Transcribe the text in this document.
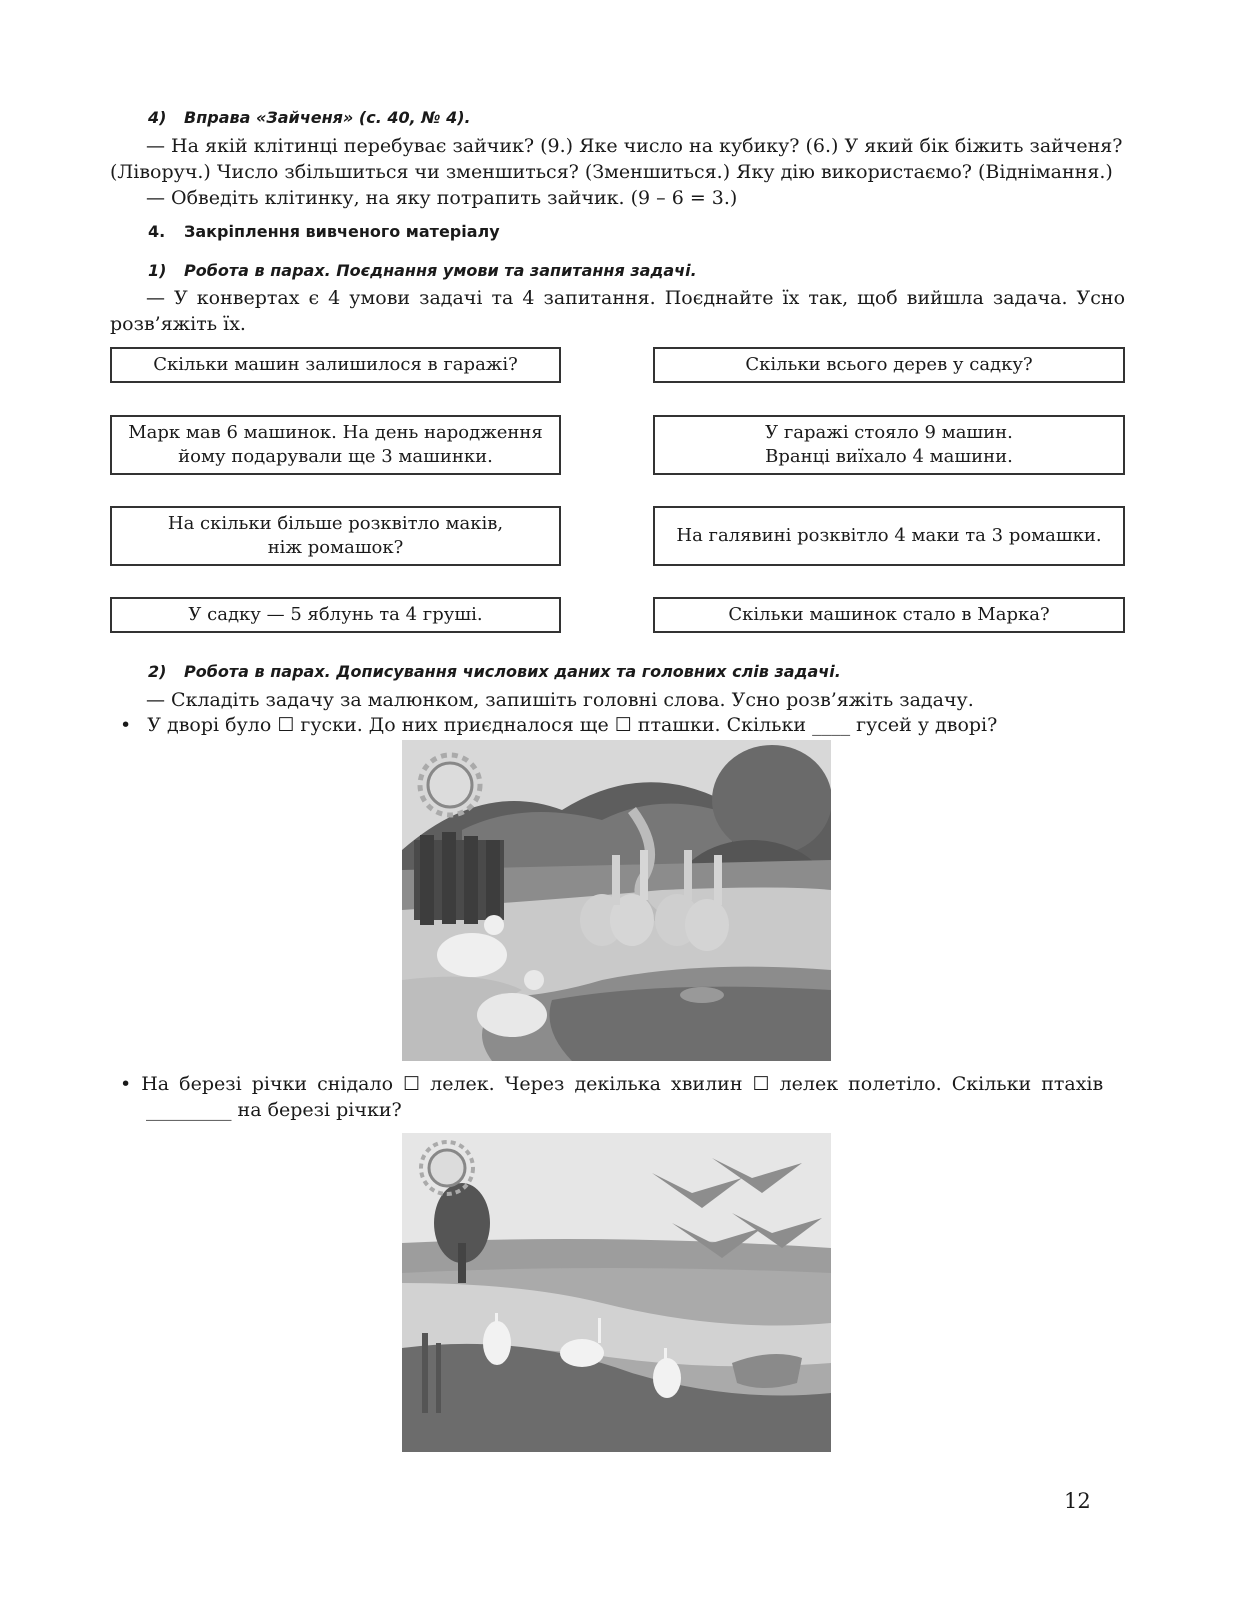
4) Вправа «Зайченя» (с. 40, № 4).
— На якій клітинці перебуває зайчик? (9.) Яке число на кубику? (6.) У який бік біжить зайченя?
(Ліворуч.) Число збільшиться чи зменшиться? (Зменшиться.) Яку дію використаємо? (Віднімання.)
— Обведіть клітинку, на яку потрапить зайчик. (9 – 6 = 3.)
4. Закріплення вивченого матеріалу
1) Робота в парах. Поєднання умови та запитання задачі.
— У конвертах є 4 умови задачі та 4 запитання. Поєднайте їх так, щоб вийшла задача. Усно
розв’яжіть їх.
Скільки машин залишилося в гаражі?
Марк мав 6 машинок. На день народження
йому подарували ще 3 машинки.
На скільки більше розквітло маків,
ніж ромашок?
У садку — 5 яблунь та 4 груші.
Скільки всього дерев у садку?
У гаражі стояло 9 машин.
Вранці виїхало 4 машини.
На галявині розквітло 4 маки та 3 ромашки.
Скільки машинок стало в Марка?
2) Робота в парах. Дописування числових даних та головних слів задачі.
— Складіть задачу за малюнком, запишіть головні слова. Усно розв’яжіть задачу.
• У дворі було ☐ гуски. До них приєдналося ще ☐ пташки. Скільки ____ гусей у дворі?
• На березі річки снідало ☐ лелек. Через декілька хвилин ☐ лелек полетіло. Скільки птахів
_________ на березі річки?
12
